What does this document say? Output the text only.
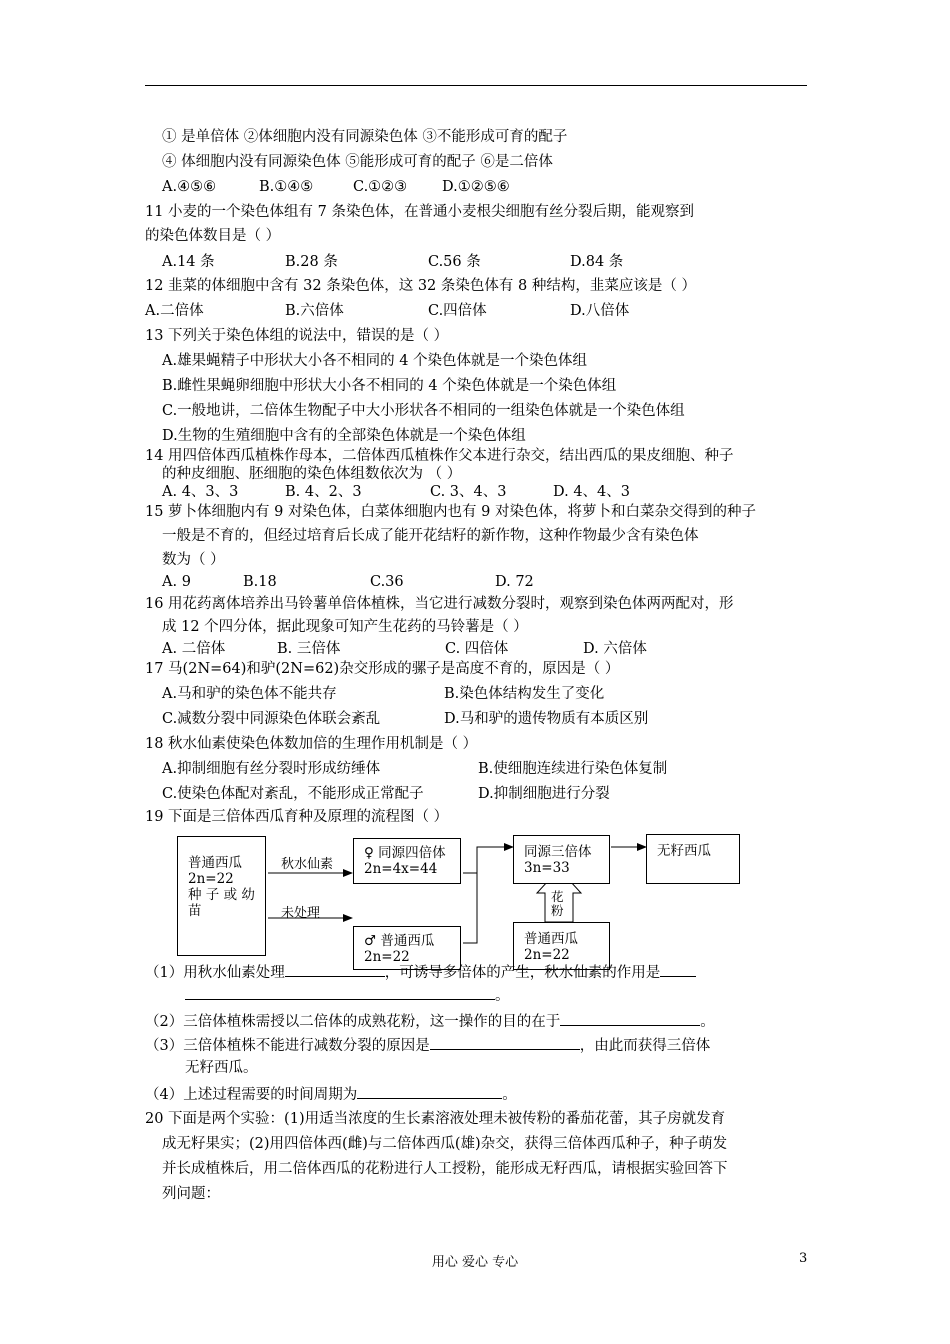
① 是单倍体 ②体细胞内没有同源染色体 ③不能形成可育的配子
④ 体细胞内没有同源染色体 ⑤能形成可育的配子 ⑥是二倍体
A.④⑤⑥	B.①④⑤	C.①②③ D.①②⑤⑥
11 小麦的一个染色体组有 7 条染色体，在普通小麦根尖细胞有丝分裂后期，能观察到
的染色体数目是（ ）
A.14 条	B.28 条	C.56 条	D.84 条
12 韭菜的体细胞中含有 32 条染色体，这 32 条染色体有 8 种结构，韭菜应该是（ ）
A.二倍体	B.六倍体	C.四倍体	D.八倍体
13 下列关于染色体组的说法中，错误的是（ ）
A.雄果蝇精子中形状大小各不相同的 4 个染色体就是一个染色体组
B.雌性果蝇卵细胞中形状大小各不相同的 4 个染色体就是一个染色体组
C.一般地讲，二倍体生物配子中大小形状各不相同的一组染色体就是一个染色体组
D.生物的生殖细胞中含有的全部染色体就是一个染色体组
14 用四倍体西瓜植株作母本，二倍体西瓜植株作父本进行杂交，结出西瓜的果皮细胞、种子
的种皮细胞、胚细胞的染色体组数依次为 （ ）
A. 4、3、3	B. 4、2、3	C. 3、4、3	D. 4、4、3
15 萝卜体细胞内有 9 对染色体，白菜体细胞内也有 9 对染色体，将萝卜和白菜杂交得到的种子
一般是不育的，但经过培育后长成了能开花结籽的新作物，这种作物最少含有染色体
数为（ ）
A. 9	B.18	C.36	D. 72
16 用花药离体培养出马铃薯单倍体植株，当它进行减数分裂时，观察到染色体两两配对，形
成 12 个四分体，据此现象可知产生花药的马铃薯是（ ）
A. 二倍体	B. 三倍体	C. 四倍体	D. 六倍体
17 马(2N=64)和驴(2N=62)杂交形成的骡子是高度不育的，原因是（ ）
A.马和驴的染色体不能共存	B.染色体结构发生了变化
C.减数分裂中同源染色体联会紊乱	D.马和驴的遗传物质有本质区别
18 秋水仙素使染色体数加倍的生理作用机制是（ ）
A.抑制细胞有丝分裂时形成纺缍体	B.使细胞连续进行染色体复制
C.使染色体配对紊乱，不能形成正常配子	D.抑制细胞进行分裂
19 下面是三倍体西瓜育种及原理的流程图（ ）
普通西瓜
2n=22
种 子 或 幼
苗
秋水仙素
未处理
♀ 同源四倍体
2n=4x=44
♂ 普通西瓜
2n=22
同源三倍体
3n=33
无籽西瓜
普通西瓜
2n=22
花
粉
（1）用秋水仙素处理	，可诱导多倍体的产生，秋水仙素的作用是
。
（2）三倍体植株需授以二倍体的成熟花粉，这一操作的目的在于	。
（3）三倍体植株不能进行减数分裂的原因是	，由此而获得三倍体
无籽西瓜。
（4）上述过程需要的时间周期为	。
20 下面是两个实验：(1)用适当浓度的生长素溶液处理未被传粉的番茄花蕾，其子房就发育
成无籽果实；(2)用四倍体西(雌)与二倍体西瓜(雄)杂交，获得三倍体西瓜种子，种子萌发
并长成植株后，用二倍体西瓜的花粉进行人工授粉，能形成无籽西瓜，请根据实验回答下
列问题：
用心 爱心 专心	3
